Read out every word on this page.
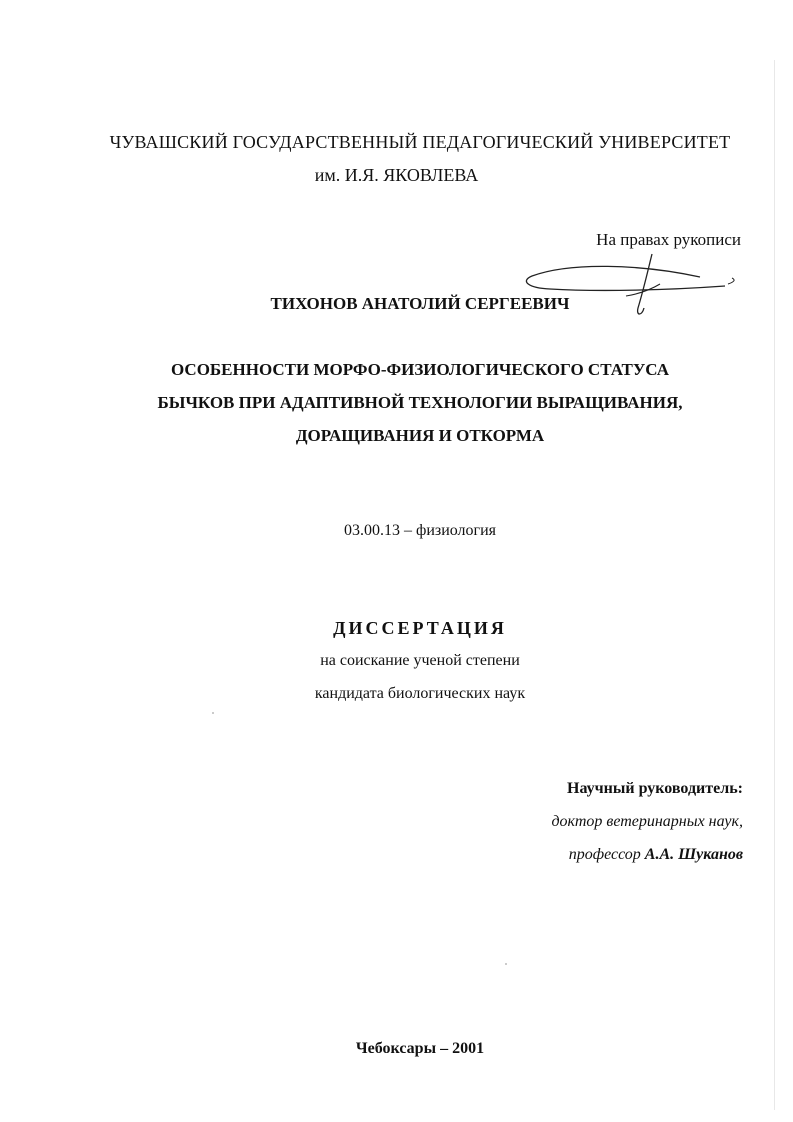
ЧУВАШСКИЙ ГОСУДАРСТВЕННЫЙ ПЕДАГОГИЧЕСКИЙ УНИВЕРСИТЕТ
им. И.Я. ЯКОВЛЕВА
На правах рукописи
ТИХОНОВ АНАТОЛИЙ СЕРГЕЕВИЧ
ОСОБЕННОСТИ МОРФО-ФИЗИОЛОГИЧЕСКОГО СТАТУСА
БЫЧКОВ ПРИ АДАПТИВНОЙ ТЕХНОЛОГИИ ВЫРАЩИВАНИЯ,
ДОРАЩИВАНИЯ И ОТКОРМА
03.00.13 – физиология
ДИССЕРТАЦИЯ
на соискание ученой степени
кандидата биологических наук
Научный руководитель:
доктор ветеринарных наук,
профессор А.А. Шуканов
Чебоксары – 2001
